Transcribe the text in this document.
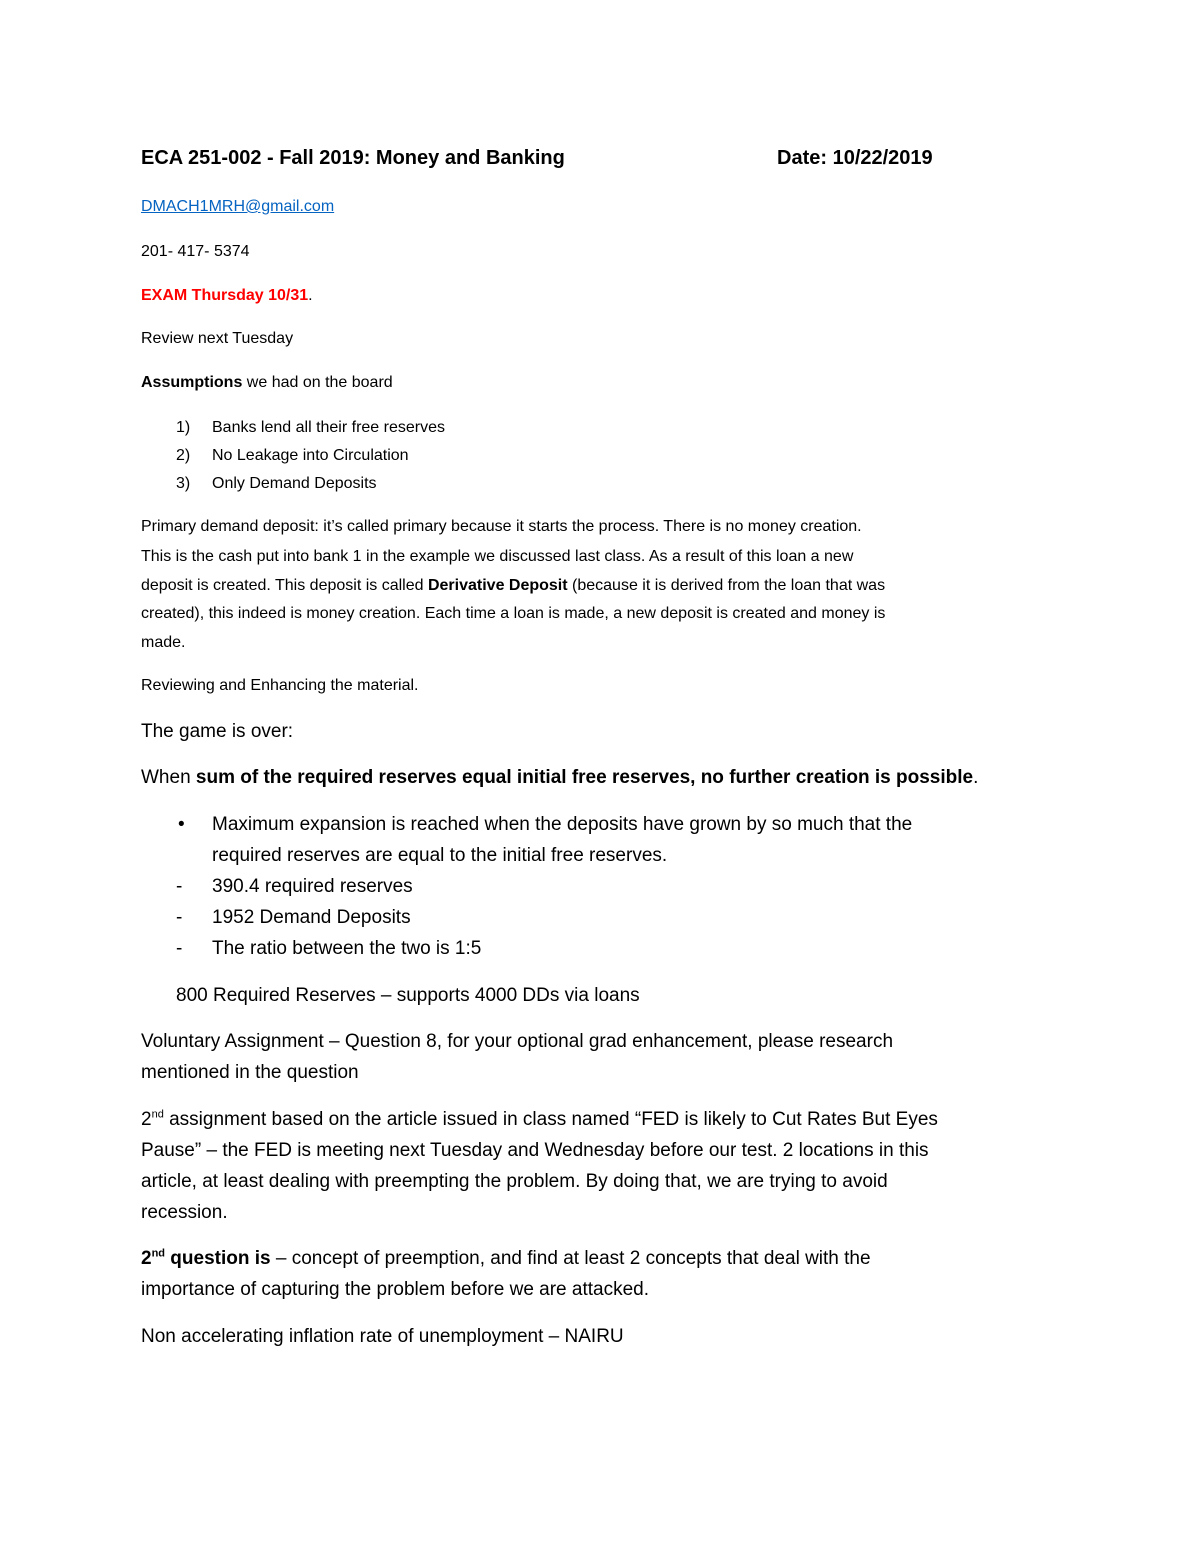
ECA 251-002 - Fall 2019: Money and Banking	Date: 10/22/2019
DMACH1MRH@gmail.com
201- 417- 5374
EXAM Thursday 10/31.
Review next Tuesday
Assumptions we had on the board
1) Banks lend all their free reserves
2) No Leakage into Circulation
3) Only Demand Deposits
Primary demand deposit: it’s called primary because it starts the process. There is no money creation.
This is the cash put into bank 1 in the example we discussed last class. As a result of this loan a new
deposit is created. This deposit is called Derivative Deposit (because it is derived from the loan that was
created), this indeed is money creation. Each time a loan is made, a new deposit is created and money is
made.
Reviewing and Enhancing the material.
The game is over:
When sum of the required reserves equal initial free reserves, no further creation is possible.
• Maximum expansion is reached when the deposits have grown by so much that the
required reserves are equal to the initial free reserves.
- 390.4 required reserves
- 1952 Demand Deposits
- The ratio between the two is 1:5
800 Required Reserves – supports 4000 DDs via loans
Voluntary Assignment – Question 8, for your optional grad enhancement, please research
mentioned in the question
2nd assignment based on the article issued in class named “FED is likely to Cut Rates But Eyes
Pause” – the FED is meeting next Tuesday and Wednesday before our test. 2 locations in this
article, at least dealing with preempting the problem. By doing that, we are trying to avoid
recession.
2nd question is – concept of preemption, and find at least 2 concepts that deal with the
importance of capturing the problem before we are attacked.
Non accelerating inflation rate of unemployment – NAIRU
